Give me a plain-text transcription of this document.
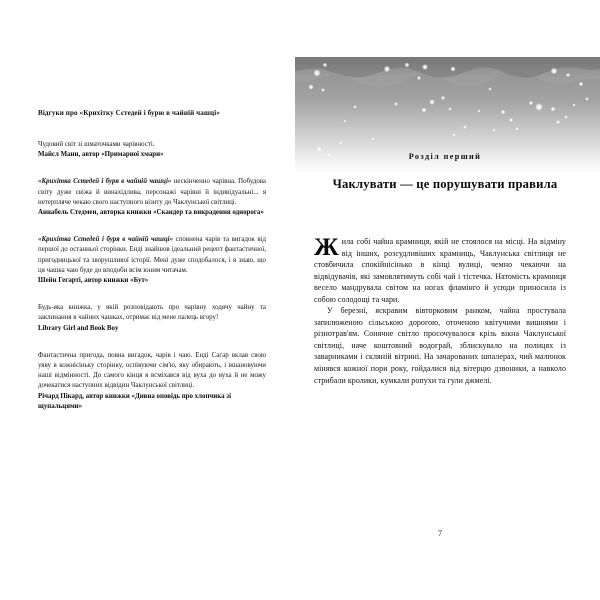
Відгуки про «Крихітку Сєтедей і бурю в чайній чашці»

Чудовий світ зі шматочками чарівності.

Майсл Манн, автор «Примарної хмари»

«Крихітка Сєтедей і буря в чайній чашці» нескінченно чарівна. Побудова світу дуже свіжа й винахідлива, персонажі чарівні й індивідуальні... я нетерпляче чекаю свого наступного візиту до Чаклунської світлиці.

Аннабель Стедмен, авторка книжки «Скандер та викрадення однорога»

«Крихітка Сєтедей і буря в чайній чашці» сповнена чарів та вигадок від першої до останньої сторінки. Енді знайшов ідеальний рецепт фантастичної, пригодницької та зворушливої історії. Мені дуже сподобалося, і я знаю, що ця чашка чаю буде до вподоби всім юним читачам.

Шейн Гегарті, автор книжки «Бут»

Будь-яка книжка, у якій розповідають про чарівну ходячу чайну та заклинання в чайних чашках, отримає від мене палець вгору!

Library Girl and Book Boy

Фантастична пригода, повна вигадок, чарів і чаю. Енді Сагар вклав свою уяву в кожнісіньку сторінку, оспівуючи сім'ю, яку обирають, і вшановуючи наші відмінності. До самого кінця я всміхався від вуха до вуха й не можу дочекатися наступних відвідин Чаклунської світлиці.

Річард Пікард, автор книжки «Дивна оповідь про хлопчика зі щупальцями»

Розділ перший
Чаклувати — це порушувати правила

Жила собі чайна крамниця, якій не стоялося на місці. На відміну від інших, розсудливіших крамниць, Чаклунська світлиця не стовбичила спокійнісінько в кінці вулиці, чемно чекаючи на відвідувачів, які замовлятимуть собі чай і тістечка. Натомість крамниця весело мандрувала світом на ногах фламінго й усюди приносила із собою солодощі та чари.

У березні, яскравим вівторковим ранком, чайна простувала запилюженою сільською дорогою, оточеною квітучими вишнями і різнотрав'ям. Сонячне світло просочувалося крізь вікна Чаклунської світлиці, наче коштовний водограй, зблискувало на полицях із заварниками і скляній вітрині. На зачарованих шпалерах, чий малюнок мінявся кожної пори року, гойдалися від вітерцю дзвоники, а навколо стрибали кролики, кумкали ропухи та гули джмелі.

7
